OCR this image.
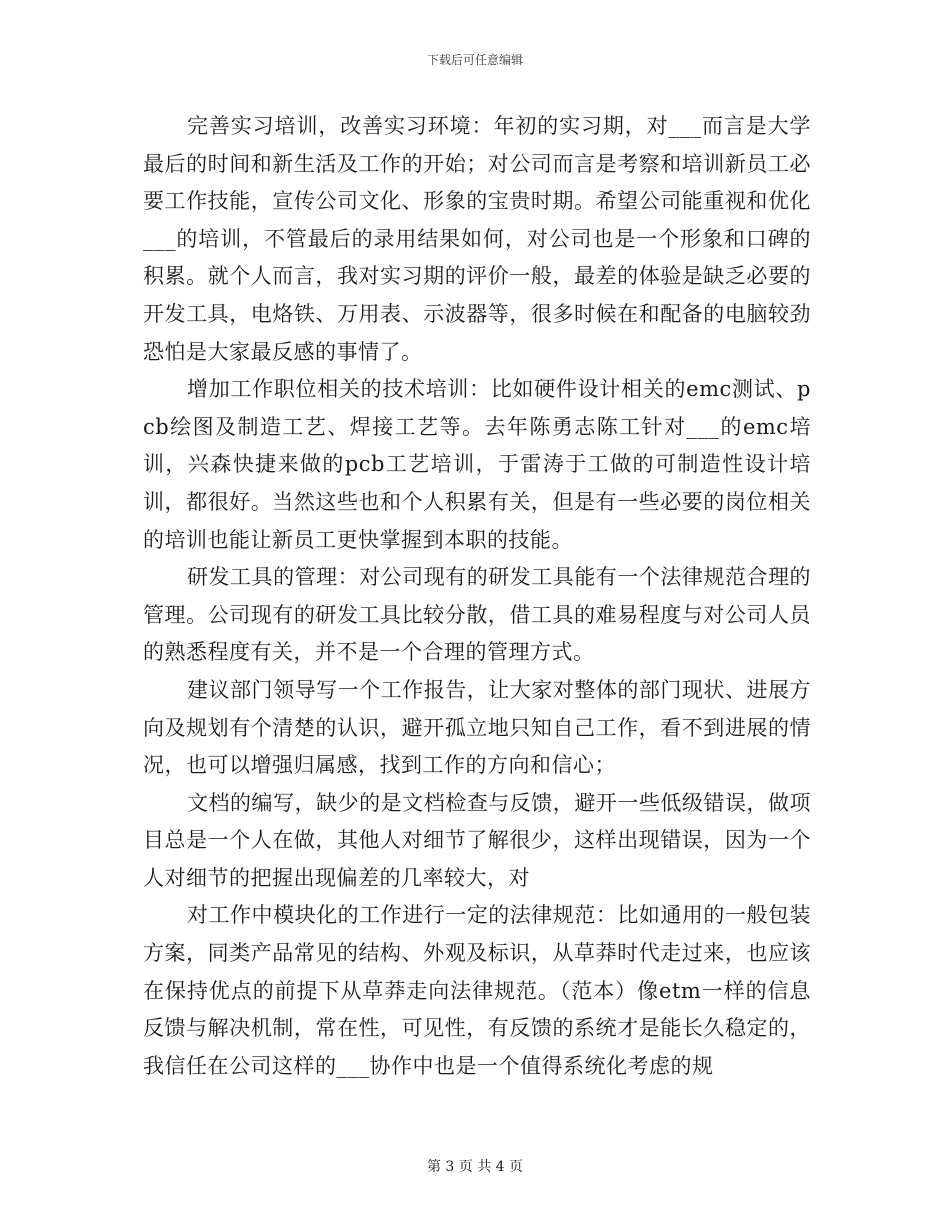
下载后可任意编辑

完善实习培训，改善实习环境：年初的实习期，对___而言是大学最后的时间和新生活及工作的开始；对公司而言是考察和培训新员工必要工作技能，宣传公司文化、形象的宝贵时期。希望公司能重视和优化___的培训，不管最后的录用结果如何，对公司也是一个形象和口碑的积累。就个人而言，我对实习期的评价一般，最差的体验是缺乏必要的开发工具，电烙铁、万用表、示波器等，很多时候在和配备的电脑较劲恐怕是大家最反感的事情了。

增加工作职位相关的技术培训：比如硬件设计相关的emc测试、pcb绘图及制造工艺、焊接工艺等。去年陈勇志陈工针对___的emc培训，兴森快捷来做的pcb工艺培训，于雷涛于工做的可制造性设计培训，都很好。当然这些也和个人积累有关，但是有一些必要的岗位相关的培训也能让新员工更快掌握到本职的技能。

研发工具的管理：对公司现有的研发工具能有一个法律规范合理的管理。公司现有的研发工具比较分散，借工具的难易程度与对公司人员的熟悉程度有关，并不是一个合理的管理方式。

建议部门领导写一个工作报告，让大家对整体的部门现状、进展方向及规划有个清楚的认识，避开孤立地只知自己工作，看不到进展的情况，也可以增强归属感，找到工作的方向和信心；

文档的编写，缺少的是文档检查与反馈，避开一些低级错误，做项目总是一个人在做，其他人对细节了解很少，这样出现错误，因为一个人对细节的把握出现偏差的几率较大，对

对工作中模块化的工作进行一定的法律规范：比如通用的一般包装方案，同类产品常见的结构、外观及标识，从草莽时代走过来，也应该在保持优点的前提下从草莽走向法律规范。（范本）像etm一样的信息反馈与解决机制，常在性，可见性，有反馈的系统才是能长久稳定的，我信任在公司这样的___协作中也是一个值得系统化考虑的规

第 3 页 共 4 页
